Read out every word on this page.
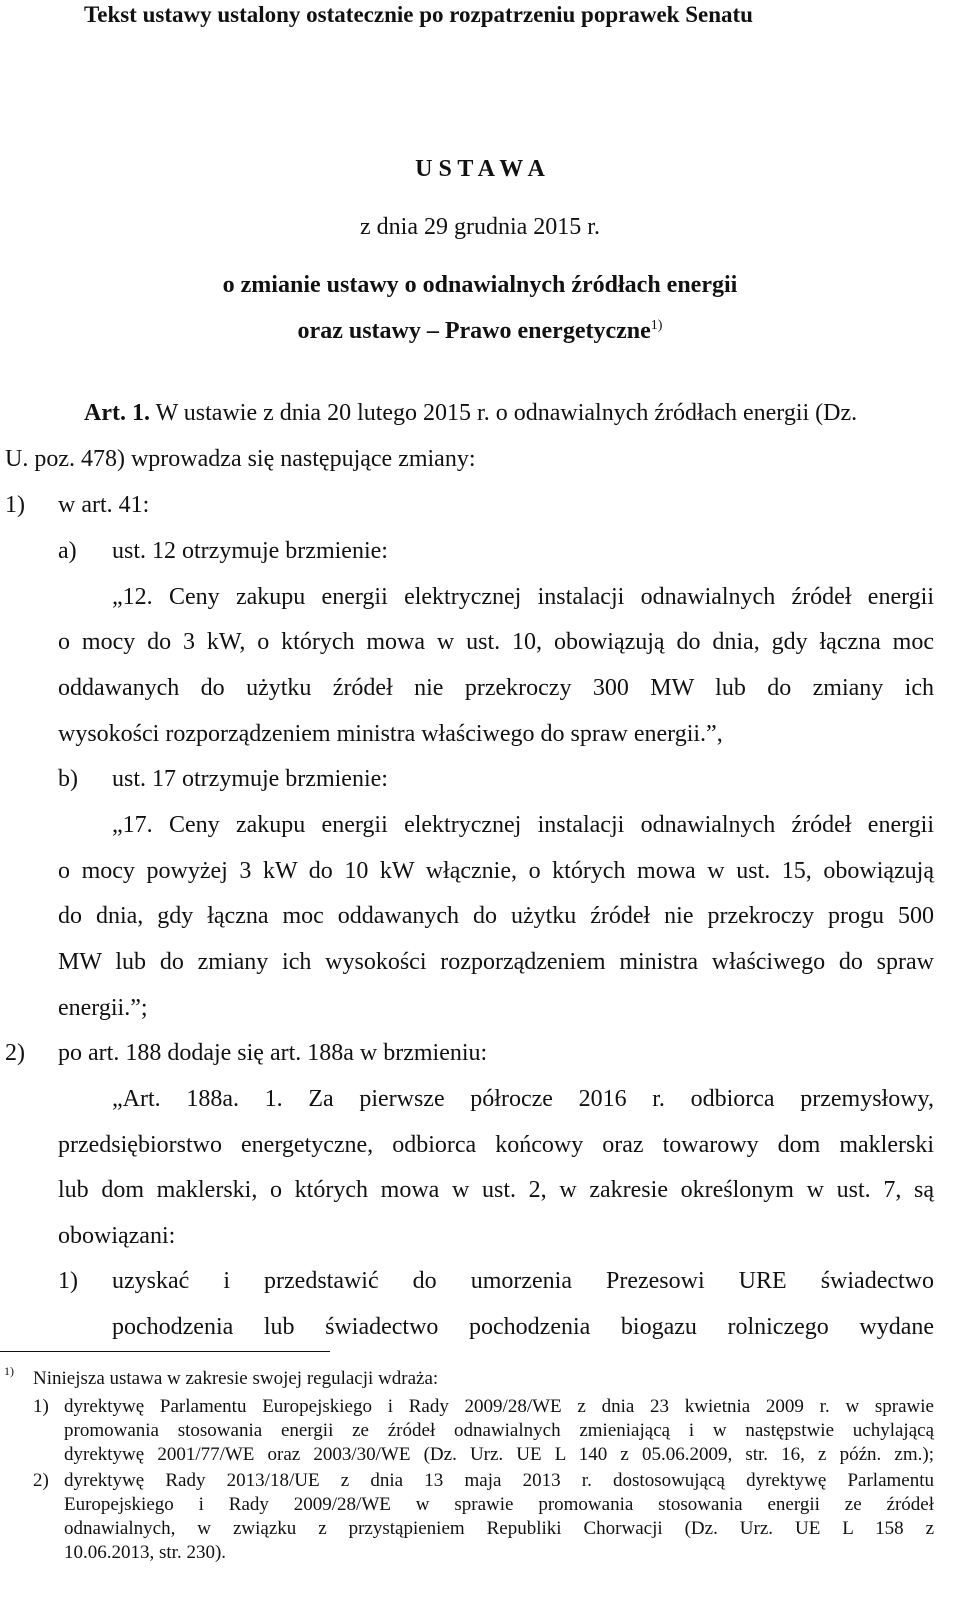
Tekst ustawy ustalony ostatecznie po rozpatrzeniu poprawek Senatu
U S T A W A
z dnia 29 grudnia 2015 r.
o zmianie ustawy o odnawialnych źródłach energii
oraz ustawy – Prawo energetyczne$^{1)}$
Art. 1. W ustawie z dnia 20 lutego 2015 r. o odnawialnych źródłach energii (Dz.
U. poz. 478) wprowadza się następujące zmiany:
1) w art. 41:
a) ust. 12 otrzymuje brzmienie:
„12. Ceny zakupu energii elektrycznej instalacji odnawialnych źródeł energii
o mocy do 3 kW, o których mowa w ust. 10, obowiązują do dnia, gdy łączna moc
oddawanych do użytku źródeł nie przekroczy 300 MW lub do zmiany ich
wysokości rozporządzeniem ministra właściwego do spraw energii.”,
b) ust. 17 otrzymuje brzmienie:
„17. Ceny zakupu energii elektrycznej instalacji odnawialnych źródeł energii
o mocy powyżej 3 kW do 10 kW włącznie, o których mowa w ust. 15, obowiązują
do dnia, gdy łączna moc oddawanych do użytku źródeł nie przekroczy progu 500
MW lub do zmiany ich wysokości rozporządzeniem ministra właściwego do spraw
energii.”;
2) po art. 188 dodaje się art. 188a w brzmieniu:
„Art. 188a. 1. Za pierwsze półrocze 2016 r. odbiorca przemysłowy,
przedsiębiorstwo energetyczne, odbiorca końcowy oraz towarowy dom maklerski
lub dom maklerski, o których mowa w ust. 2, w zakresie określonym w ust. 7, są
obowiązani:
1) uzyskać i przedstawić do umorzenia Prezesowi URE świadectwo
pochodzenia lub świadectwo pochodzenia biogazu rolniczego wydane
1) Niniejsza ustawa w zakresie swojej regulacji wdraża:
1) dyrektywę Parlamentu Europejskiego i Rady 2009/28/WE z dnia 23 kwietnia 2009 r. w sprawie
promowania stosowania energii ze źródeł odnawialnych zmieniającą i w następstwie uchylającą
dyrektywę 2001/77/WE oraz 2003/30/WE (Dz. Urz. UE L 140 z 05.06.2009, str. 16, z późn. zm.);
2) dyrektywę Rady 2013/18/UE z dnia 13 maja 2013 r. dostosowującą dyrektywę Parlamentu
Europejskiego i Rady 2009/28/WE w sprawie promowania stosowania energii ze źródeł
odnawialnych, w związku z przystąpieniem Republiki Chorwacji (Dz. Urz. UE L 158 z
10.06.2013, str. 230).
